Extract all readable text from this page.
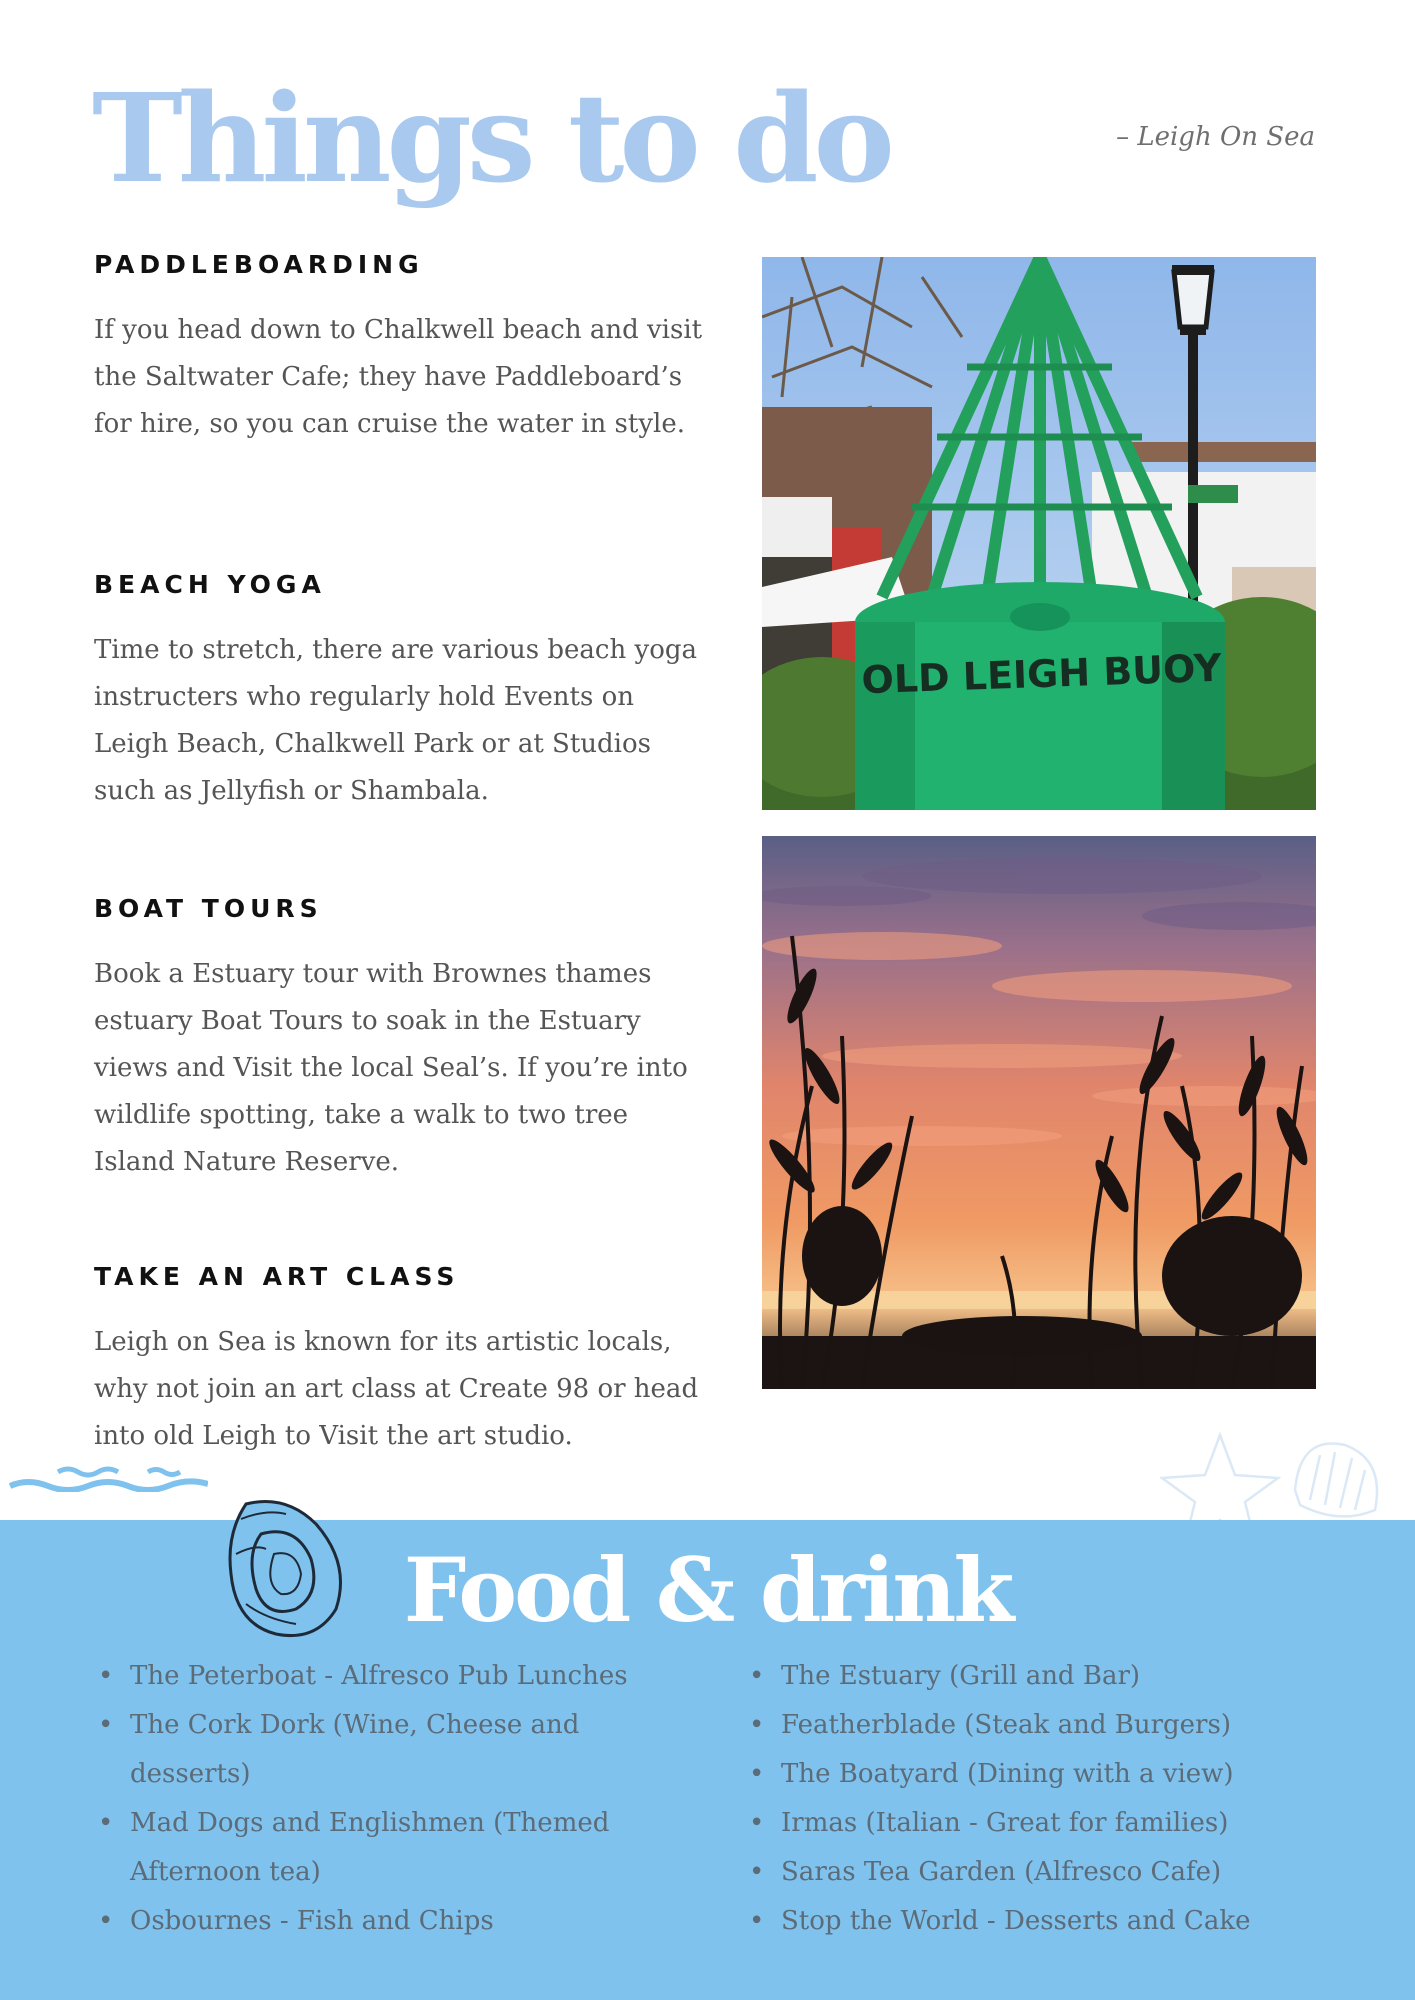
Things to do	– Leigh On Sea
PADDLEBOARDING

If you head down to Chalkwell beach and visit the Saltwater Cafe; they have Paddleboard’s for hire, so you can cruise the water in style.

BEACH YOGA

Time to stretch, there are various beach yoga instructers who regularly hold Events on Leigh Beach, Chalkwell Park or at Studios such as Jellyfish or Shambala.

BOAT TOURS

Book a Estuary tour with Brownes thames estuary Boat Tours to soak in the Estuary views and Visit the local Seal’s. If you’re into wildlife spotting, take a walk to two tree Island Nature Reserve.

TAKE AN ART CLASS

Leigh on Sea is known for its artistic locals, why not join an art class at Create 98 or head into old Leigh to Visit the art studio.

OLD LEIGH BUOY
Food & drink
• The Peterboat - Alfresco Pub Lunches
• The Cork Dork (Wine, Cheese and desserts)
• Mad Dogs and Englishmen (Themed Afternoon tea)
• Osbournes - Fish and Chips
• The Estuary (Grill and Bar)
• Featherblade (Steak and Burgers)
• The Boatyard (Dining with a view)
• Irmas (Italian - Great for families)
• Saras Tea Garden (Alfresco Cafe)
• Stop the World - Desserts and Cake
